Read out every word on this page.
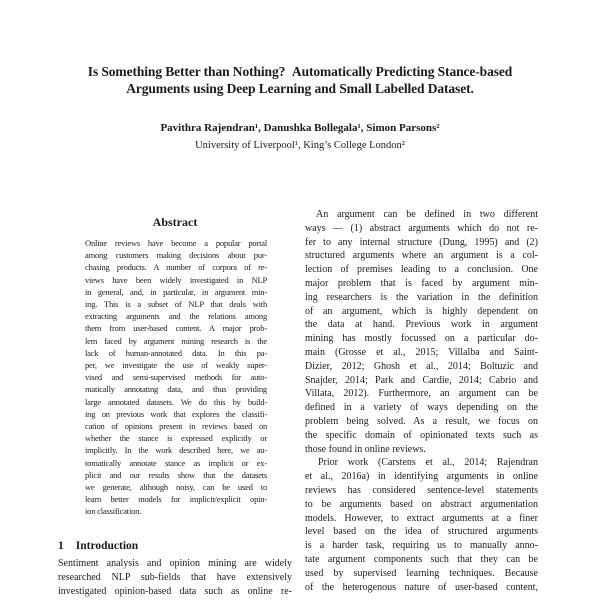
Is Something Better than Nothing? Automatically Predicting Stance-based
Arguments using Deep Learning and Small Labelled Dataset.
Pavithra Rajendran¹, Danushka Bollegala¹, Simon Parsons²
University of Liverpool¹, King’s College London²
Abstract
Online reviews have become a popular portal
among customers making decisions about pur-
chasing products. A number of corpora of re-
views have been widely investigated in NLP
in general, and, in particular, in argument min-
ing. This is a subset of NLP that deals with
extracting arguments and the relations among
them from user-based content. A major prob-
lem faced by argument mining research is the
lack of human-annotated data. In this pa-
per, we investigate the use of weakly super-
vised and semi-supervised methods for auto-
matically annotating data, and thus providing
large annotated datasets. We do this by build-
ing on previous work that explores the classifi-
cation of opinions present in reviews based on
whether the stance is expressed explicitly or
implicitly. In the work described here, we au-
tomatically annotate stance as implicit or ex-
plicit and our results show that the datasets
we generate, although noisy, can be used to
learn better models for implicit/explicit opin-
ion classification.
1 Introduction
Sentiment analysis and opinion mining are widely
researched NLP sub-fields that have extensively
investigated opinion-based data such as online re-
An argument can be defined in two different
ways — (1) abstract arguments which do not re-
fer to any internal structure (Dung, 1995) and (2)
structured arguments where an argument is a col-
lection of premises leading to a conclusion. One
major problem that is faced by argument min-
ing researchers is the variation in the definition
of an argument, which is highly dependent on
the data at hand. Previous work in argument
mining has mostly focussed on a particular do-
main (Grosse et al., 2015; Villalba and Saint-
Dizier, 2012; Ghosh et al., 2014; Boltuzic and
Snajder, 2014; Park and Cardie, 2014; Cabrio and
Villata, 2012). Furthermore, an argument can be
defined in a variety of ways depending on the
problem being solved. As a result, we focus on
the specific domain of opinionated texts such as
those found in online reviews.
Prior work (Carstens et al., 2014; Rajendran
et al., 2016a) in identifying arguments in online
reviews has considered sentence-level statements
to be arguments based on abstract argumentation
models. However, to extract arguments at a finer
level based on the idea of structured arguments
is a harder task, requiring us to manually anno-
tate argument components such that they can be
used by supervised learning techniques. Because
of the heterogenous nature of user-based content,
